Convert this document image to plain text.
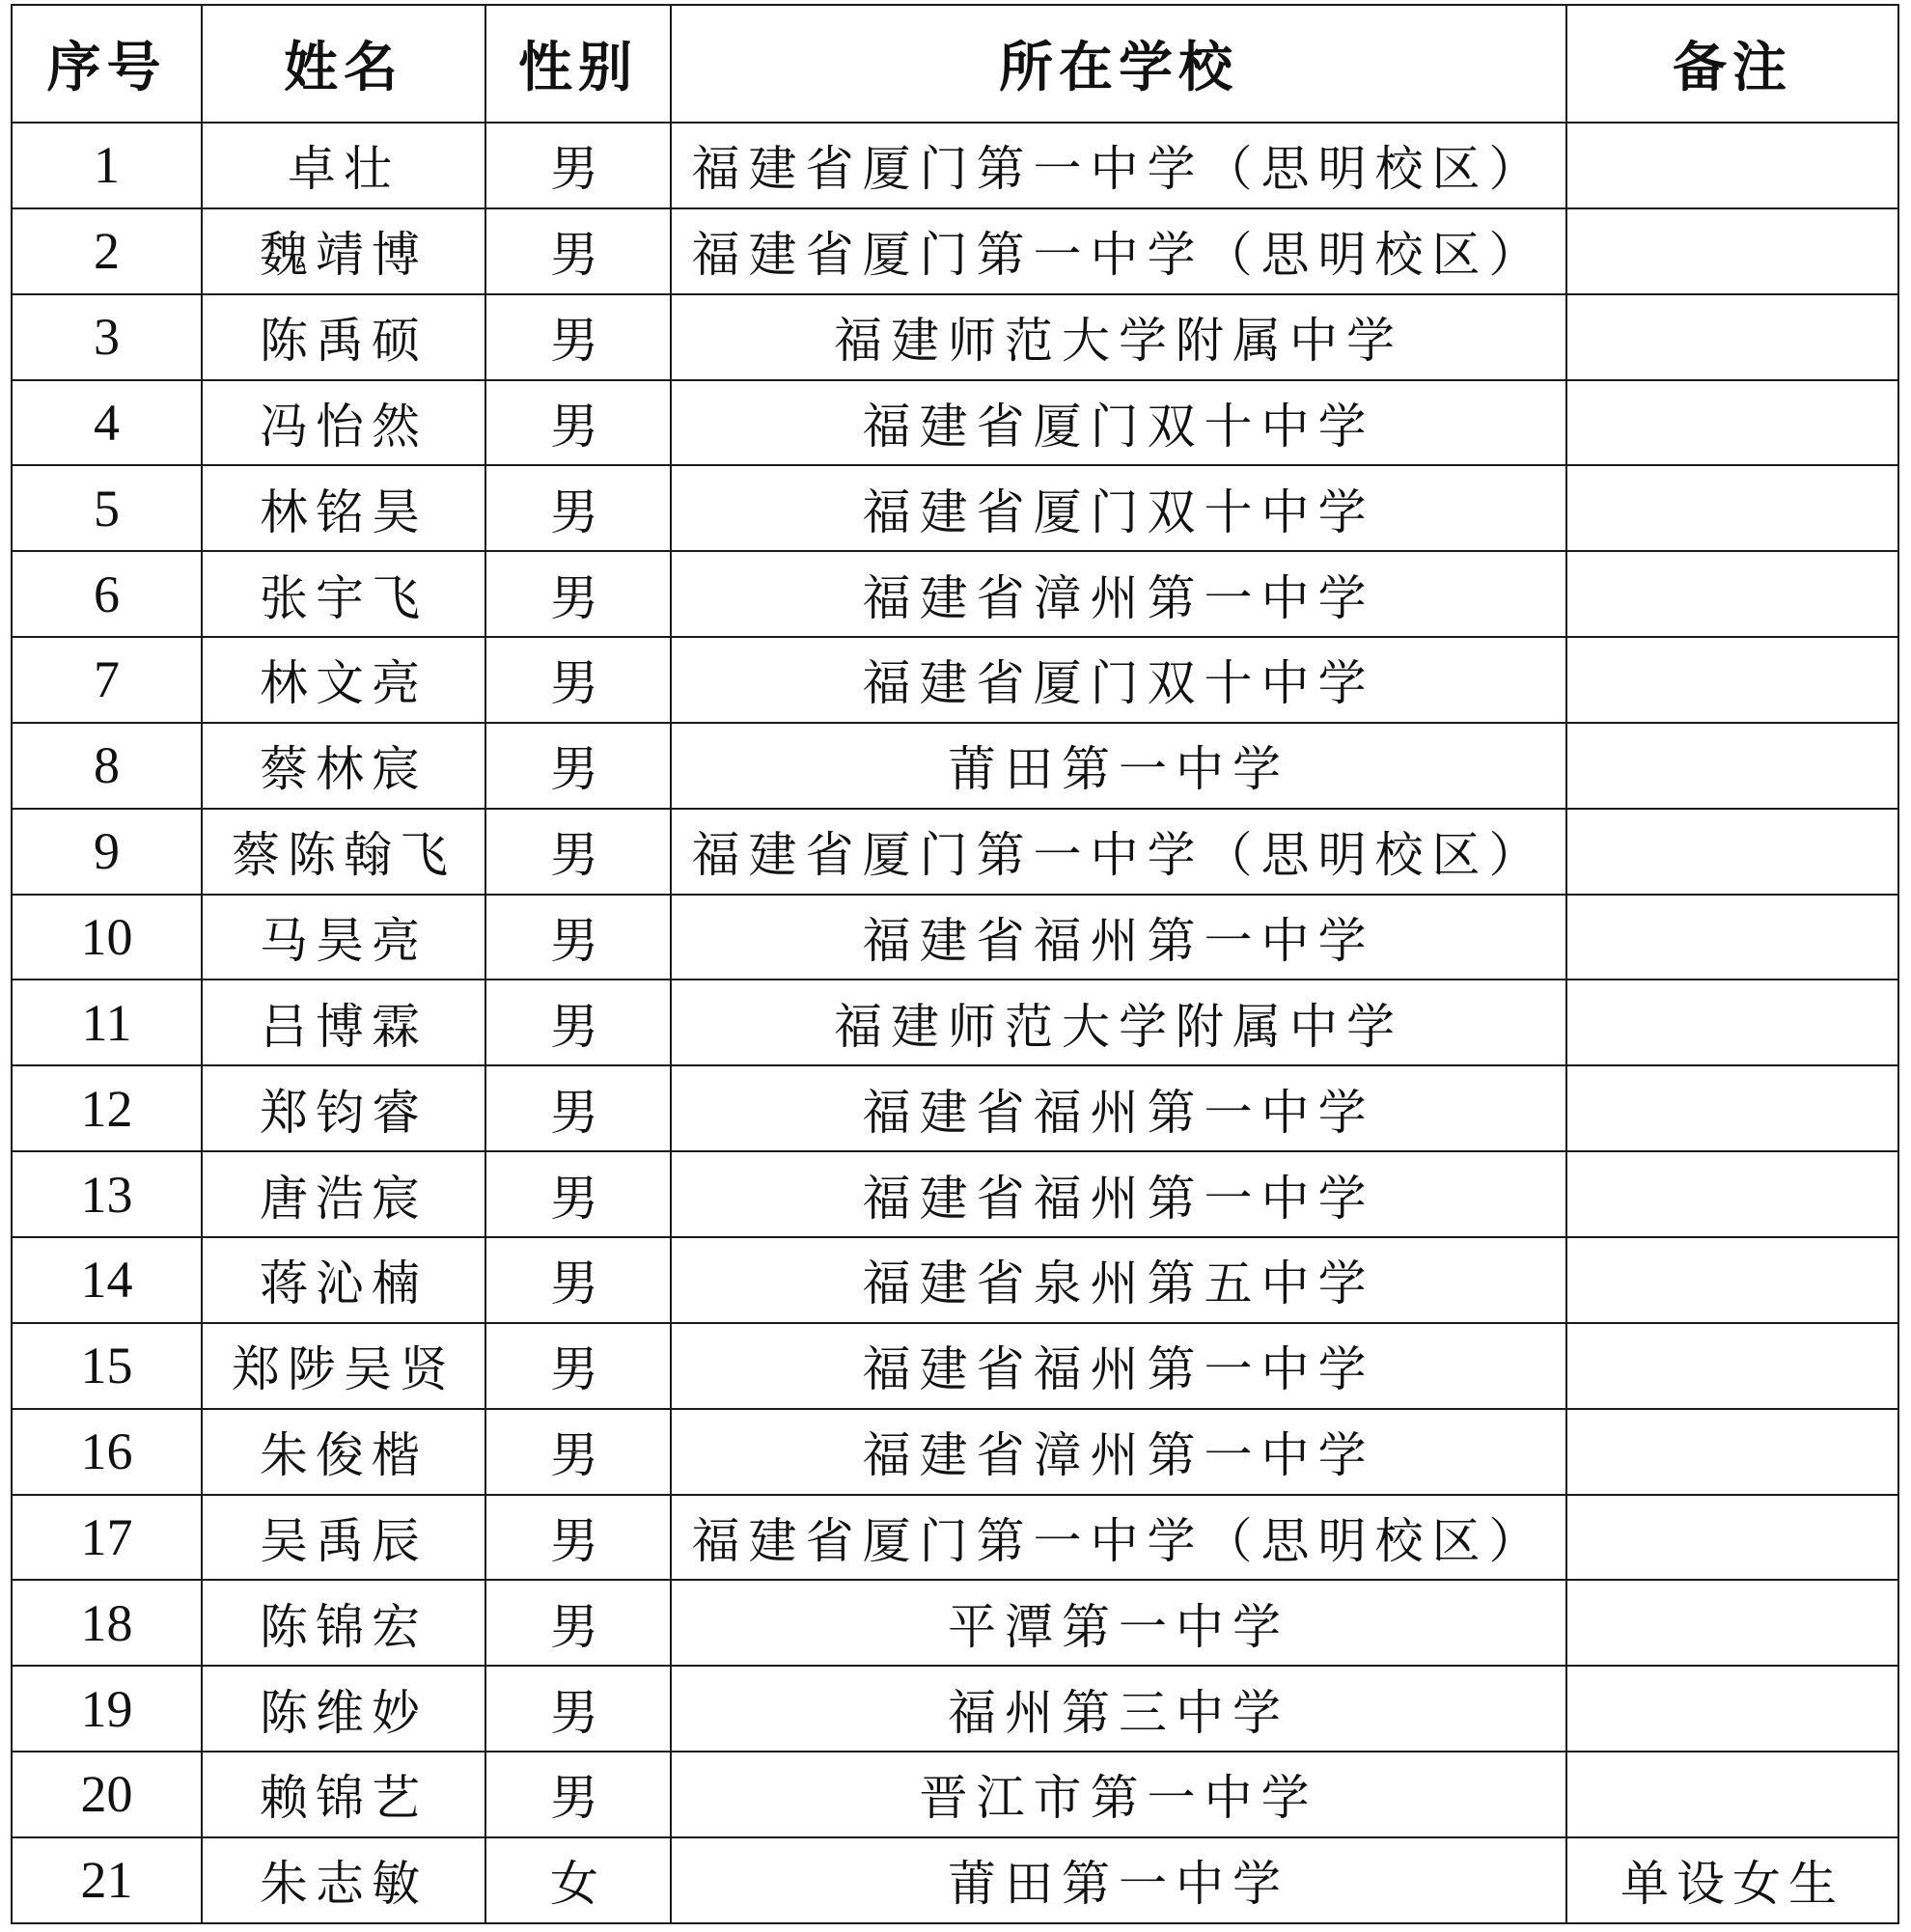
序号	姓名	性别	所在学校	备注
1	卓壮	男	福建省厦门第一中学（思明校区）	
2	魏靖博	男	福建省厦门第一中学（思明校区）	
3	陈禹硕	男	福建师范大学附属中学	
4	冯怡然	男	福建省厦门双十中学	
5	林铭昊	男	福建省厦门双十中学	
6	张宇飞	男	福建省漳州第一中学	
7	林文亮	男	福建省厦门双十中学	
8	蔡林宸	男	莆田第一中学	
9	蔡陈翰飞	男	福建省厦门第一中学（思明校区）	
10	马昊亮	男	福建省福州第一中学	
11	吕博霖	男	福建师范大学附属中学	
12	郑钧睿	男	福建省福州第一中学	
13	唐浩宸	男	福建省福州第一中学	
14	蒋沁楠	男	福建省泉州第五中学	
15	郑陟吴贤	男	福建省福州第一中学	
16	朱俊楷	男	福建省漳州第一中学	
17	吴禹辰	男	福建省厦门第一中学（思明校区）	
18	陈锦宏	男	平潭第一中学	
19	陈维妙	男	福州第三中学	
20	赖锦艺	男	晋江市第一中学	
21	朱志敏	女	莆田第一中学	单设女生
